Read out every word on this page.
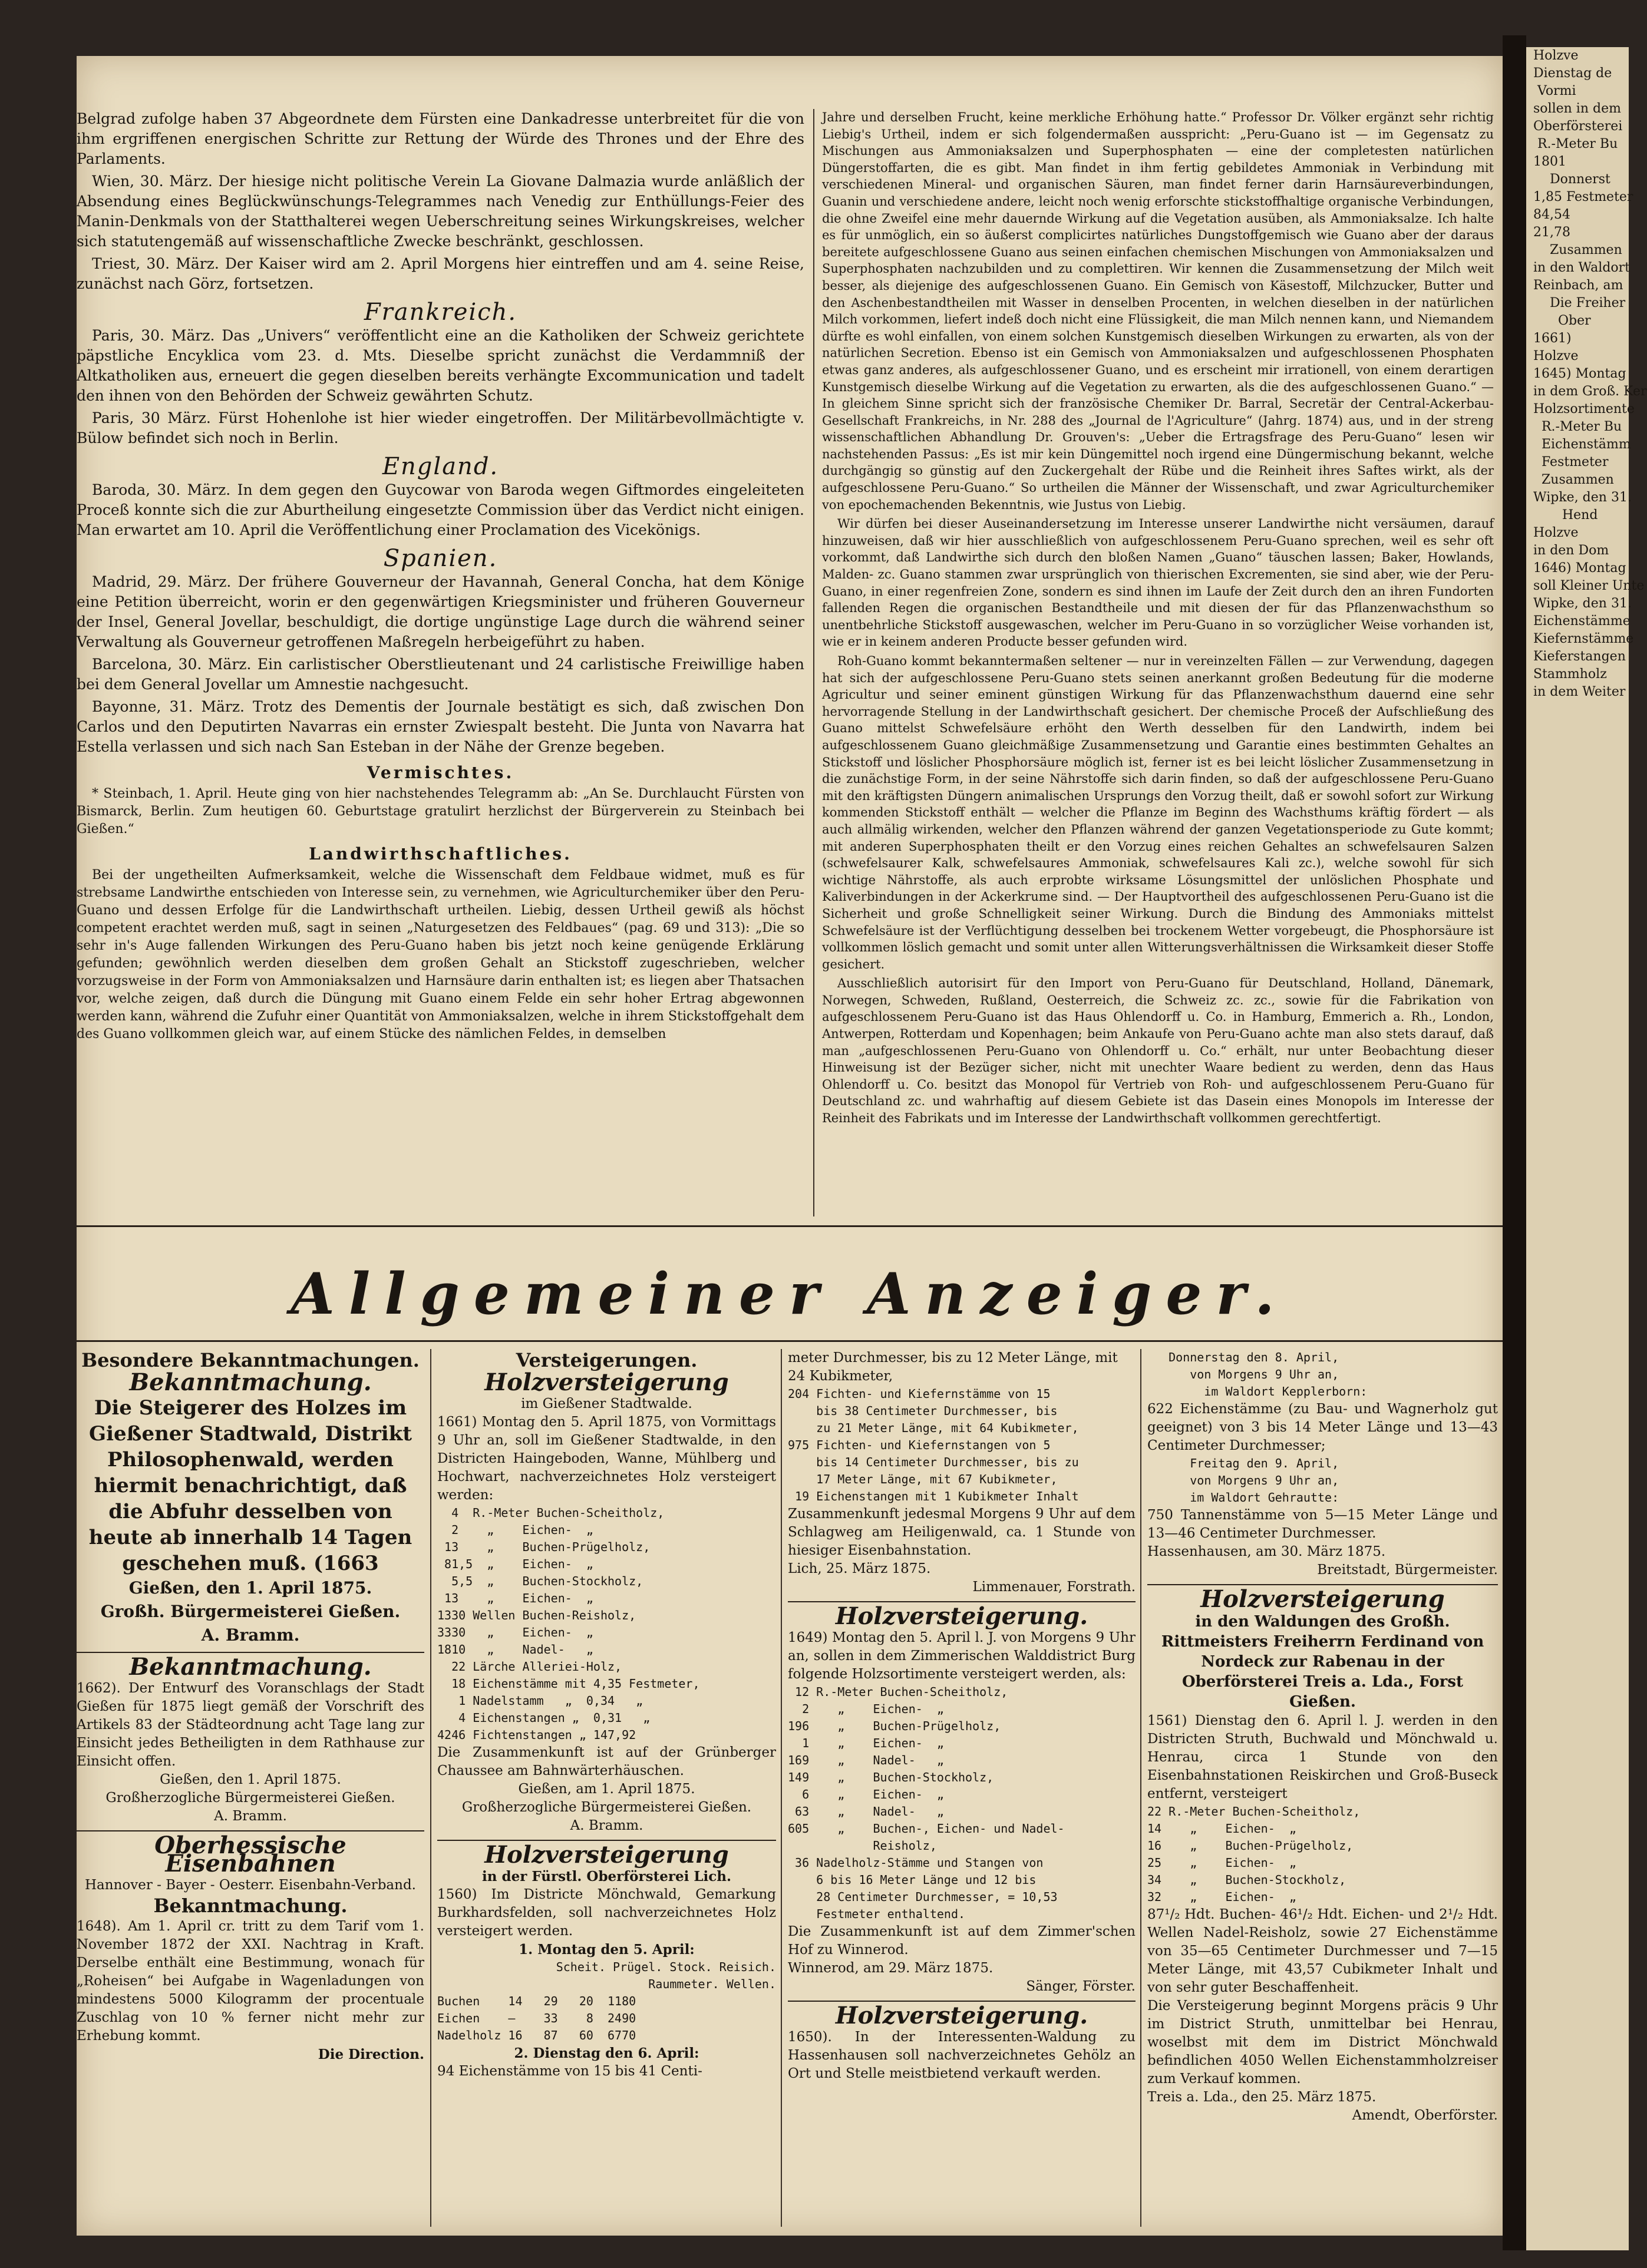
Belgrad zufolge haben 37 Abgeordnete dem Fürsten eine Dankadresse unterbreitet für die von ihm ergriffenen energischen Schritte zur Rettung der Würde des Thrones und der Ehre des Parlaments.

Wien, 30. März. Der hiesige nicht politische Verein La Giovane Dalmazia wurde anläßlich der Absendung eines Beglückwünschungs-Telegrammes nach Venedig zur Enthüllungs-Feier des Manin-Denkmals von der Statthalterei wegen Ueberschreitung seines Wirkungskreises, welcher sich statutengemäß auf wissenschaftliche Zwecke beschränkt, geschlossen.

Triest, 30. März. Der Kaiser wird am 2. April Morgens hier eintreffen und am 4. seine Reise, zunächst nach Görz, fortsetzen.

Frankreich.

Paris, 30. März. Das „Univers“ veröffentlicht eine an die Katholiken der Schweiz gerichtete päpstliche Encyklica vom 23. d. Mts. Dieselbe spricht zunächst die Verdammniß der Altkatholiken aus, erneuert die gegen dieselben bereits verhängte Excommunication und tadelt den ihnen von den Behörden der Schweiz gewährten Schutz.

Paris, 30 März. Fürst Hohenlohe ist hier wieder eingetroffen. Der Militärbevollmächtigte v. Bülow befindet sich noch in Berlin.

England.

Baroda, 30. März. In dem gegen den Guycowar von Baroda wegen Giftmordes eingeleiteten Proceß konnte sich die zur Aburtheilung eingesetzte Commission über das Verdict nicht einigen. Man erwartet am 10. April die Veröffentlichung einer Proclamation des Vicekönigs.

Spanien.

Madrid, 29. März. Der frühere Gouverneur der Havannah, General Concha, hat dem Könige eine Petition überreicht, worin er den gegenwärtigen Kriegsminister und früheren Gouverneur der Insel, General Jovellar, beschuldigt, die dortige ungünstige Lage durch die während seiner Verwaltung als Gouverneur getroffenen Maßregeln herbeigeführt zu haben.

Barcelona, 30. März. Ein carlistischer Oberstlieutenant und 24 carlistische Freiwillige haben bei dem General Jovellar um Amnestie nachgesucht.

Bayonne, 31. März. Trotz des Dementis der Journale bestätigt es sich, daß zwischen Don Carlos und den Deputirten Navarras ein ernster Zwiespalt besteht. Die Junta von Navarra hat Estella verlassen und sich nach San Esteban in der Nähe der Grenze begeben.

Vermischtes.

* Steinbach, 1. April. Heute ging von hier nachstehendes Telegramm ab: „An Se. Durchlaucht Fürsten von Bismarck, Berlin. Zum heutigen 60. Geburtstage gratulirt herzlichst der Bürgerverein zu Steinbach bei Gießen.“

Landwirthschaftliches.

Bei der ungetheilten Aufmerksamkeit, welche die Wissenschaft dem Feldbaue widmet, muß es für strebsame Landwirthe entschieden von Interesse sein, zu vernehmen, wie Agriculturchemiker über den Peru-Guano und dessen Erfolge für die Landwirthschaft urtheilen. Liebig, dessen Urtheil gewiß als höchst competent erachtet werden muß, sagt in seinen „Naturgesetzen des Feldbaues“ (pag. 69 und 313): „Die so sehr in's Auge fallenden Wirkungen des Peru-Guano haben bis jetzt noch keine genügende Erklärung gefunden; gewöhnlich werden dieselben dem großen Gehalt an Stickstoff zugeschrieben, welcher vorzugsweise in der Form von Ammoniaksalzen und Harnsäure darin enthalten ist; es liegen aber Thatsachen vor, welche zeigen, daß durch die Düngung mit Guano einem Felde ein sehr hoher Ertrag abgewonnen werden kann, während die Zufuhr einer Quantität von Ammoniaksalzen, welche in ihrem Stickstoffgehalt dem des Guano vollkommen gleich war, auf einem Stücke des nämlichen Feldes, in demselben

Jahre und derselben Frucht, keine merkliche Erhöhung hatte.“ Professor Dr. Völker ergänzt sehr richtig Liebig's Urtheil, indem er sich folgendermaßen ausspricht: „Peru-Guano ist — im Gegensatz zu Mischungen aus Ammoniaksalzen und Superphosphaten — eine der completesten natürlichen Düngerstoffarten, die es gibt. Man findet in ihm fertig gebildetes Ammoniak in Verbindung mit verschiedenen Mineral- und organischen Säuren, man findet ferner darin Harnsäureverbindungen, Guanin und verschiedene andere, leicht noch wenig erforschte stickstoffhaltige organische Verbindungen, die ohne Zweifel eine mehr dauernde Wirkung auf die Vegetation ausüben, als Ammoniaksalze. Ich halte es für unmöglich, ein so äußerst complicirtes natürliches Dungstoffgemisch wie Guano aber der daraus bereitete aufgeschlossene Guano aus seinen einfachen chemischen Mischungen von Ammoniaksalzen und Superphosphaten nachzubilden und zu complettiren. Wir kennen die Zusammensetzung der Milch weit besser, als diejenige des aufgeschlossenen Guano. Ein Gemisch von Käsestoff, Milchzucker, Butter und den Aschenbestandtheilen mit Wasser in denselben Procenten, in welchen dieselben in der natürlichen Milch vorkommen, liefert indeß doch nicht eine Flüssigkeit, die man Milch nennen kann, und Niemandem dürfte es wohl einfallen, von einem solchen Kunstgemisch dieselben Wirkungen zu erwarten, als von der natürlichen Secretion. Ebenso ist ein Gemisch von Ammoniaksalzen und aufgeschlossenen Phosphaten etwas ganz anderes, als aufgeschlossener Guano, und es erscheint mir irrationell, von einem derartigen Kunstgemisch dieselbe Wirkung auf die Vegetation zu erwarten, als die des aufgeschlossenen Guano.“ — In gleichem Sinne spricht sich der französische Chemiker Dr. Barral, Secretär der Central-Ackerbau-Gesellschaft Frankreichs, in Nr. 288 des „Journal de l'Agriculture“ (Jahrg. 1874) aus, und in der streng wissenschaftlichen Abhandlung Dr. Grouven's: „Ueber die Ertragsfrage des Peru-Guano“ lesen wir nachstehenden Passus: „Es ist mir kein Düngemittel noch irgend eine Düngermischung bekannt, welche durchgängig so günstig auf den Zuckergehalt der Rübe und die Reinheit ihres Saftes wirkt, als der aufgeschlossene Peru-Guano.“ So urtheilen die Männer der Wissenschaft, und zwar Agriculturchemiker von epochemachenden Bekenntnis, wie Justus von Liebig.

Wir dürfen bei dieser Auseinandersetzung im Interesse unserer Landwirthe nicht versäumen, darauf hinzuweisen, daß wir hier ausschließlich von aufgeschlossenem Peru-Guano sprechen, weil es sehr oft vorkommt, daß Landwirthe sich durch den bloßen Namen „Guano“ täuschen lassen; Baker, Howlands, Malden- zc. Guano stammen zwar ursprünglich von thierischen Excrementen, sie sind aber, wie der Peru-Guano, in einer regenfreien Zone, sondern es sind ihnen im Laufe der Zeit durch den an ihren Fundorten fallenden Regen die organischen Bestandtheile und mit diesen der für das Pflanzenwachsthum so unentbehrliche Stickstoff ausgewaschen, welcher im Peru-Guano in so vorzüglicher Weise vorhanden ist, wie er in keinem anderen Producte besser gefunden wird.

Roh-Guano kommt bekanntermaßen seltener — nur in vereinzelten Fällen — zur Verwendung, dagegen hat sich der aufgeschlossene Peru-Guano stets seinen anerkannt großen Bedeutung für die moderne Agricultur und seiner eminent günstigen Wirkung für das Pflanzenwachsthum dauernd eine sehr hervorragende Stellung in der Landwirthschaft gesichert. Der chemische Proceß der Aufschließung des Guano mittelst Schwefelsäure erhöht den Werth desselben für den Landwirth, indem bei aufgeschlossenem Guano gleichmäßige Zusammensetzung und Garantie eines bestimmten Gehaltes an Stickstoff und löslicher Phosphorsäure möglich ist, ferner ist es bei leicht löslicher Zusammensetzung in die zunächstige Form, in der seine Nährstoffe sich darin finden, so daß der aufgeschlossene Peru-Guano mit den kräftigsten Düngern animalischen Ursprungs den Vorzug theilt, daß er sowohl sofort zur Wirkung kommenden Stickstoff enthält — welcher die Pflanze im Beginn des Wachsthums kräftig fördert — als auch allmälig wirkenden, welcher den Pflanzen während der ganzen Vegetationsperiode zu Gute kommt; mit anderen Superphosphaten theilt er den Vorzug eines reichen Gehaltes an schwefelsauren Salzen (schwefelsaurer Kalk, schwefelsaures Ammoniak, schwefelsaures Kali zc.), welche sowohl für sich wichtige Nährstoffe, als auch erprobte wirksame Lösungsmittel der unlöslichen Phosphate und Kaliverbindungen in der Ackerkrume sind. — Der Hauptvortheil des aufgeschlossenen Peru-Guano ist die Sicherheit und große Schnelligkeit seiner Wirkung. Durch die Bindung des Ammoniaks mittelst Schwefelsäure ist der Verflüchtigung desselben bei trockenem Wetter vorgebeugt, die Phosphorsäure ist vollkommen löslich gemacht und somit unter allen Witterungsverhältnissen die Wirksamkeit dieser Stoffe gesichert.

Ausschließlich autorisirt für den Import von Peru-Guano für Deutschland, Holland, Dänemark, Norwegen, Schweden, Rußland, Oesterreich, die Schweiz zc. zc., sowie für die Fabrikation von aufgeschlossenem Peru-Guano ist das Haus Ohlendorff u. Co. in Hamburg, Emmerich a. Rh., London, Antwerpen, Rotterdam und Kopenhagen; beim Ankaufe von Peru-Guano achte man also stets darauf, daß man „aufgeschlossenen Peru-Guano von Ohlendorff u. Co.“ erhält, nur unter Beobachtung dieser Hinweisung ist der Bezüger sicher, nicht mit unechter Waare bedient zu werden, denn das Haus Ohlendorff u. Co. besitzt das Monopol für Vertrieb von Roh- und aufgeschlossenem Peru-Guano für Deutschland zc. und wahrhaftig auf diesem Gebiete ist das Dasein eines Monopols im Interesse der Reinheit des Fabrikats und im Interesse der Landwirthschaft vollkommen gerechtfertigt.

Allgemeiner Anzeiger.
Besondere Bekanntmachungen.
Bekanntmachung.
Die Steigerer des Holzes im Gießener Stadtwald, Distrikt Philosophenwald, werden hiermit benachrichtigt, daß die Abfuhr desselben von heute ab innerhalb 14 Tagen geschehen muß. (1663
Gießen, den 1. April 1875.
Großh. Bürgermeisterei Gießen.
A. Bramm.
Bekanntmachung.

1662). Der Entwurf des Voranschlags der Stadt Gießen für 1875 liegt gemäß der Vorschrift des Artikels 83 der Städteordnung acht Tage lang zur Einsicht jedes Betheiligten in dem Rathhause zur Einsicht offen.

Gießen, den 1. April 1875.
Großherzogliche Bürgermeisterei Gießen.
A. Bramm.
Oberhessische Eisenbahnen
Hannover - Bayer - Oesterr. Eisenbahn-Verband.
Bekanntmachung.

1648). Am 1. April cr. tritt zu dem Tarif vom 1. November 1872 der XXI. Nachtrag in Kraft. Derselbe enthält eine Bestimmung, wonach für „Roheisen“ bei Aufgabe in Wagenladungen von mindestens 5000 Kilogramm der procentuale Zuschlag von 10 % ferner nicht mehr zur Erhebung kommt.

Die Direction.
Versteigerungen.
Holzversteigerung
im Gießener Stadtwalde.

1661) Montag den 5. April 1875, von Vormittags 9 Uhr an, soll im Gießener Stadtwalde, in den Districten Haingeboden, Wanne, Mühlberg und Hochwart, nachverzeichnetes Holz versteigert werden:

4  R.-Meter Buchen-Scheitholz,
2    „    Eichen-  „
13    „    Buchen-Prügelholz,
81,5  „    Eichen-  „
5,5  „    Buchen-Stockholz,
13    „    Eichen-  „
1330 Wellen Buchen-Reisholz,
3330   „    Eichen-  „
1810   „    Nadel-   „
22 Lärche Alleriei-Holz,
18 Eichenstämme mit 4,35 Festmeter,
1 Nadelstamm   „  0,34   „
4 Eichenstangen „  0,31   „
4246 Fichtenstangen „ 147,92

Die Zusammenkunft ist auf der Grünberger Chaussee am Bahnwärterhäuschen.

Gießen, am 1. April 1875.
Großherzogliche Bürgermeisterei Gießen.
A. Bramm.
Holzversteigerung
in der Fürstl. Oberförsterei Lich.

1560) Im Districte Mönchwald, Gemarkung Burkhardsfelden, soll nachverzeichnetes Holz versteigert werden.

1. Montag den 5. April:
Scheit. Prügel. Stock. Reisich.
Raummeter. Wellen.
Buchen    14   29   20  1180
Eichen    —    33    8  2490
Nadelholz 16   87   60  6770
2. Dienstag den 6. April:
94 Eichenstämme von 15 bis 41 Centi-

meter Durchmesser, bis zu 12 Meter Länge, mit 24 Kubikmeter,

204 Fichten- und Kiefernstämme von 15
bis 38 Centimeter Durchmesser, bis
zu 21 Meter Länge, mit 64 Kubikmeter,
975 Fichten- und Kiefernstangen von 5
bis 14 Centimeter Durchmesser, bis zu
17 Meter Länge, mit 67 Kubikmeter,
19 Eichenstangen mit 1 Kubikmeter Inhalt

Zusammenkunft jedesmal Morgens 9 Uhr auf dem Schlagweg am Heiligenwald, ca. 1 Stunde von hiesiger Eisenbahnstation.

Lich, 25. März 1875.
Limmenauer, Forstrath.
Holzversteigerung.

1649) Montag den 5. April l. J. von Morgens 9 Uhr an, sollen in dem Zimmerischen Walddistrict Burg folgende Holzsortimente versteigert werden, als:

12 R.-Meter Buchen-Scheitholz,
2    „    Eichen-  „
196    „    Buchen-Prügelholz,
1    „    Eichen-  „
169    „    Nadel-   „
149    „    Buchen-Stockholz,
6    „    Eichen-  „
63    „    Nadel-   „
605    „    Buchen-, Eichen- und Nadel-
Reisholz,
36 Nadelholz-Stämme und Stangen von
6 bis 16 Meter Länge und 12 bis
28 Centimeter Durchmesser, = 10,53
Festmeter enthaltend.

Die Zusammenkunft ist auf dem Zimmer'schen Hof zu Winnerod.

Winnerod, am 29. März 1875.
Sänger, Förster.
Holzversteigerung.

1650). In der Interessenten-Waldung zu Hassenhausen soll nachverzeichnetes Gehölz an Ort und Stelle meistbietend verkauft werden.

Donnerstag den 8. April,
von Morgens 9 Uhr an,
im Waldort Kepplerborn:

622 Eichenstämme (zu Bau- und Wagnerholz gut geeignet) von 3 bis 14 Meter Länge und 13—43 Centimeter Durchmesser;

Freitag den 9. April,
von Morgens 9 Uhr an,
im Waldort Gehrautte:

750 Tannenstämme von 5—15 Meter Länge und 13—46 Centimeter Durchmesser.

Hassenhausen, am 30. März 1875.
Breitstadt, Bürgermeister.
Holzversteigerung
in den Waldungen des Großh. Rittmeisters Freiherrn Ferdinand von Nordeck zur Rabenau in der Oberförsterei Treis a. Lda., Forst Gießen.

1561) Dienstag den 6. April l. J. werden in den Districten Struth, Buchwald und Mönchwald u. Henrau, circa 1 Stunde von den Eisenbahnstationen Reiskirchen und Groß-Buseck entfernt, versteigert

22 R.-Meter Buchen-Scheitholz,
14    „    Eichen-  „
16    „    Buchen-Prügelholz,
25    „    Eichen-  „
34    „    Buchen-Stockholz,
32    „    Eichen-  „

87¹/₂ Hdt. Buchen- 46¹/₂ Hdt. Eichen- und 2¹/₂ Hdt. Wellen Nadel-Reisholz, sowie 27 Eichenstämme von 35—65 Centimeter Durchmesser und 7—15 Meter Länge, mit 43,57 Cubikmeter Inhalt und von sehr guter Beschaffenheit.

Die Versteigerung beginnt Morgens präcis 9 Uhr im District Struth, unmittelbar bei Henrau, woselbst mit dem im District Mönchwald befindlichen 4050 Wellen Eichenstammholzreiser zum Verkauf kommen.

Treis a. Lda., den 25. März 1875.
Amendt, Oberförster.
Holzve
Dienstag de
Vormi
sollen in dem
Oberförsterei
R.-Meter Bu
1801
Donnerst
1,85 Festmeter
84,54
21,78
Zusammen
in den Waldort
Reinbach, am
Die Freiher
Ober
1661)
Holzve
1645) Montag
in dem Groß. Ker
Holzsortimente
R.-Meter Bu
Eichenstämm
Festmeter
Zusammen
Wipke, den 31.
Hend
Holzve
in den Dom
1646) Montag
soll Kleiner Unte
Wipke, den 31.
Eichenstämme
Kiefernstämme
Kieferstangen
Stammholz
in dem Weiter
